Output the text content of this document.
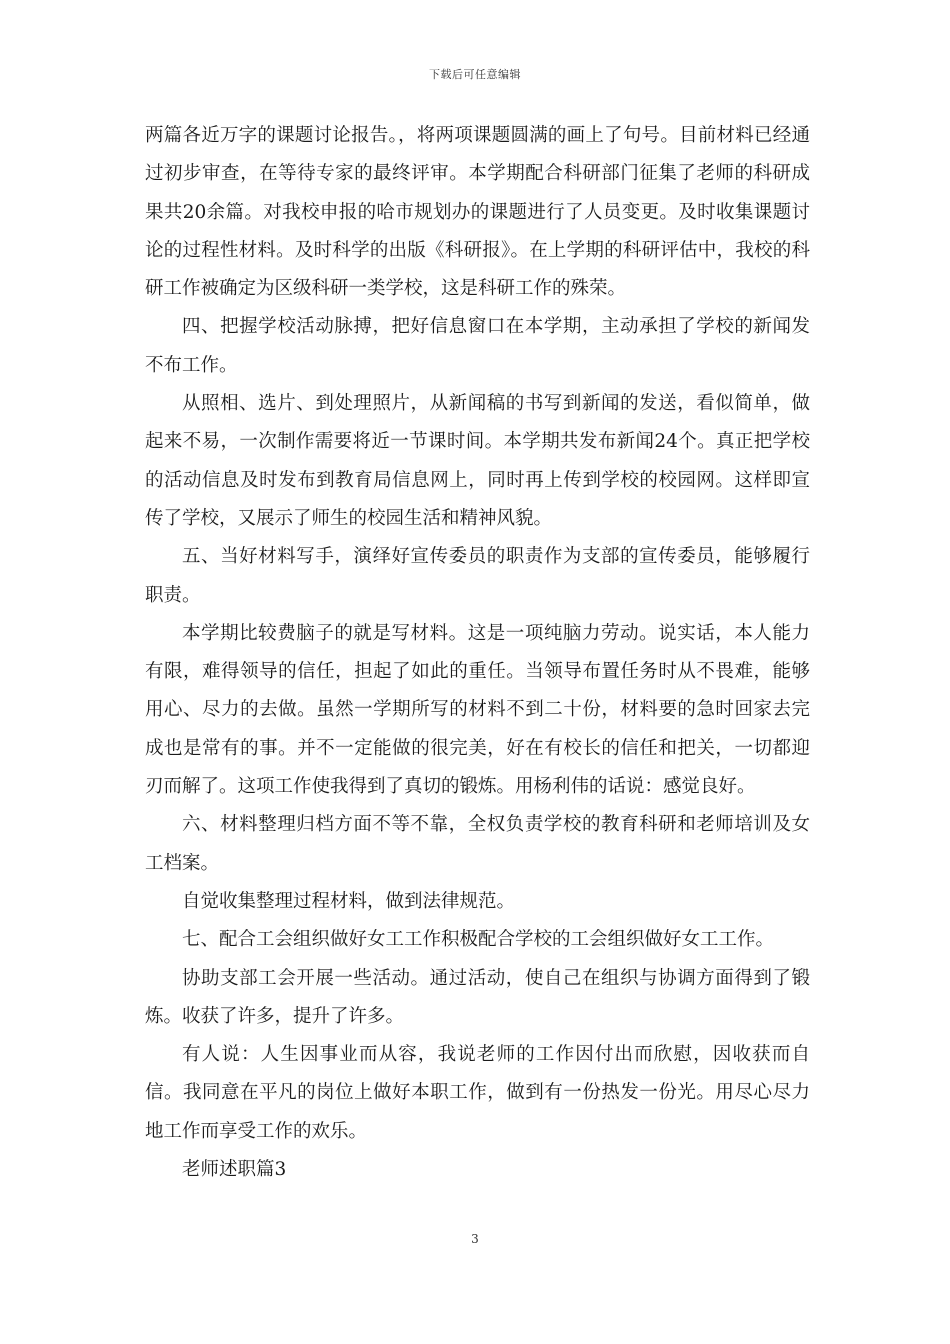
下载后可任意编辑

两篇各近万字的课题讨论报告。，将两项课题圆满的画上了句号。目前材料已经通过初步审查，在等待专家的最终评审。本学期配合科研部门征集了老师的科研成果共20余篇。对我校申报的哈市规划办的课题进行了人员变更。及时收集课题讨论的过程性材料。及时科学的出版《科研报》。在上学期的科研评估中，我校的科研工作被确定为区级科研一类学校，这是科研工作的殊荣。

四、把握学校活动脉搏，把好信息窗口在本学期，主动承担了学校的新闻发不布工作。

从照相、选片、到处理照片，从新闻稿的书写到新闻的发送，看似简单，做起来不易，一次制作需要将近一节课时间。本学期共发布新闻24个。真正把学校的活动信息及时发布到教育局信息网上，同时再上传到学校的校园网。这样即宣传了学校，又展示了师生的校园生活和精神风貌。

五、当好材料写手，演绎好宣传委员的职责作为支部的宣传委员，能够履行职责。

本学期比较费脑子的就是写材料。这是一项纯脑力劳动。说实话，本人能力有限，难得领导的信任，担起了如此的重任。当领导布置任务时从不畏难，能够用心、尽力的去做。虽然一学期所写的材料不到二十份，材料要的急时回家去完成也是常有的事。并不一定能做的很完美，好在有校长的信任和把关，一切都迎刃而解了。这项工作使我得到了真切的锻炼。用杨利伟的话说：感觉良好。

六、材料整理归档方面不等不靠，全权负责学校的教育科研和老师培训及女工档案。

自觉收集整理过程材料，做到法律规范。

七、配合工会组织做好女工工作积极配合学校的工会组织做好女工工作。

协助支部工会开展一些活动。通过活动，使自己在组织与协调方面得到了锻炼。收获了许多，提升了许多。

有人说：人生因事业而从容，我说老师的工作因付出而欣慰，因收获而自信。我同意在平凡的岗位上做好本职工作，做到有一份热发一份光。用尽心尽力地工作而享受工作的欢乐。

老师述职篇3

3
